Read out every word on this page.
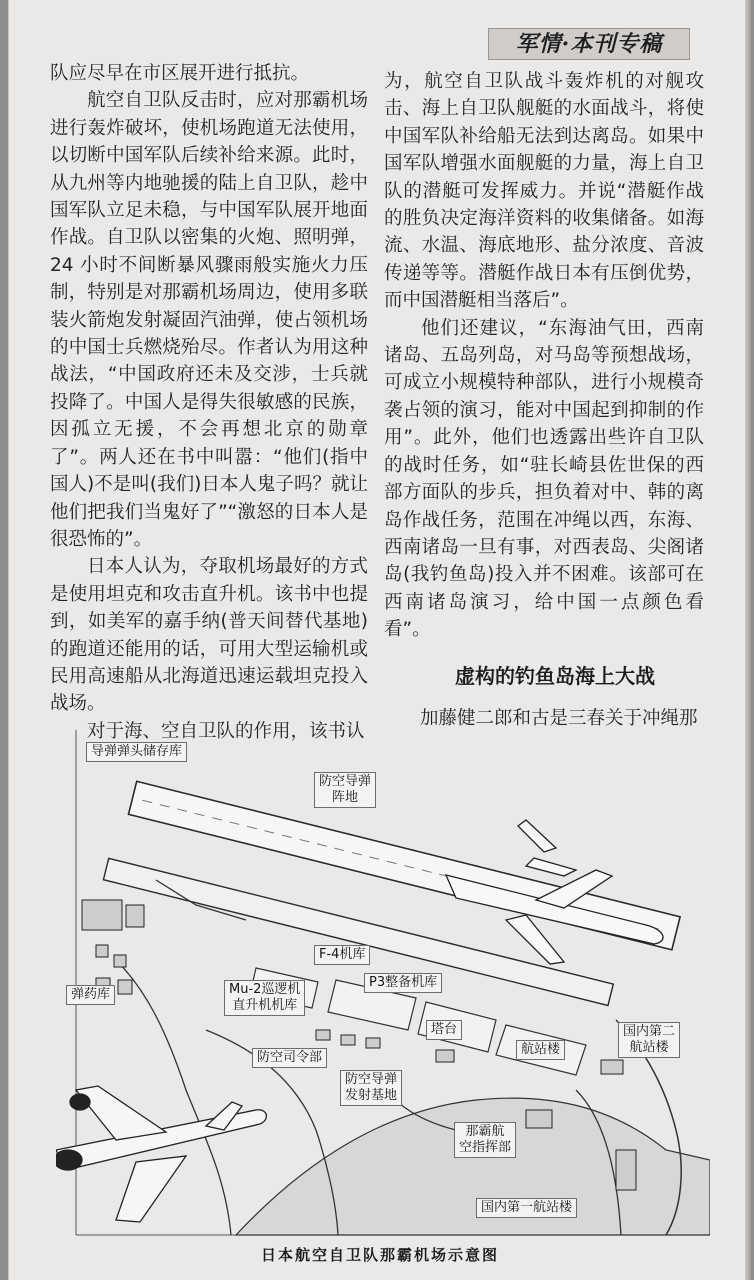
军情·本刊专稿

队应尽早在市区展开进行抵抗。

航空自卫队反击时，应对那霸机场进行轰炸破坏，使机场跑道无法使用，以切断中国军队后续补给来源。此时，从九州等内地驰援的陆上自卫队，趁中国军队立足未稳，与中国军队展开地面作战。自卫队以密集的火炮、照明弹，24 小时不间断暴风骤雨般实施火力压制，特别是对那霸机场周边，使用多联装火箭炮发射凝固汽油弹，使占领机场的中国士兵燃烧殆尽。作者认为用这种战法，“中国政府还未及交涉，士兵就投降了。中国人是得失很敏感的民族，因孤立无援，不会再想北京的勋章了”。两人还在书中叫嚣：“他们(指中国人)不是叫(我们)日本人鬼子吗？就让他们把我们当鬼好了”“激怒的日本人是很恐怖的”。

日本人认为，夺取机场最好的方式是使用坦克和攻击直升机。该书中也提到，如美军的嘉手纳(普天间替代基地)的跑道还能用的话，可用大型运输机或民用高速船从北海道迅速运载坦克投入战场。

对于海、空自卫队的作用，该书认

为，航空自卫队战斗轰炸机的对舰攻击、海上自卫队舰艇的水面战斗，将使中国军队补给船无法到达离岛。如果中国军队增强水面舰艇的力量，海上自卫队的潜艇可发挥威力。并说“潜艇作战的胜负决定海洋资料的收集储备。如海流、水温、海底地形、盐分浓度、音波传递等等。潜艇作战日本有压倒优势，而中国潜艇相当落后”。

他们还建议，“东海油气田，西南诸岛、五岛列岛，对马岛等预想战场，可成立小规模特种部队，进行小规模奇袭占领的演习，能对中国起到抑制的作用”。此外，他们也透露出些许自卫队的战时任务，如“驻长崎县佐世保的西部方面队的步兵，担负着对中、韩的离岛作战任务，范围在冲绳以西，东海、西南诸岛一旦有事，对西表岛、尖阁诸岛(我钓鱼岛)投入并不困难。该部可在西南诸岛演习，给中国一点颜色看看”。

虚构的钓鱼岛海上大战
加藤健二郎和古是三春关于冲绳那
导弹弹头储存库
防空导弹
阵地
F-4机库
P3整备机库
弹药库	Mu-2巡逻机
直升机机库
塔台	国内第二
航站楼
防空司令部
防空导弹
发射基地
航站楼
那霸航
空指挥部
国内第一航站楼
日本航空自卫队那霸机场示意图
